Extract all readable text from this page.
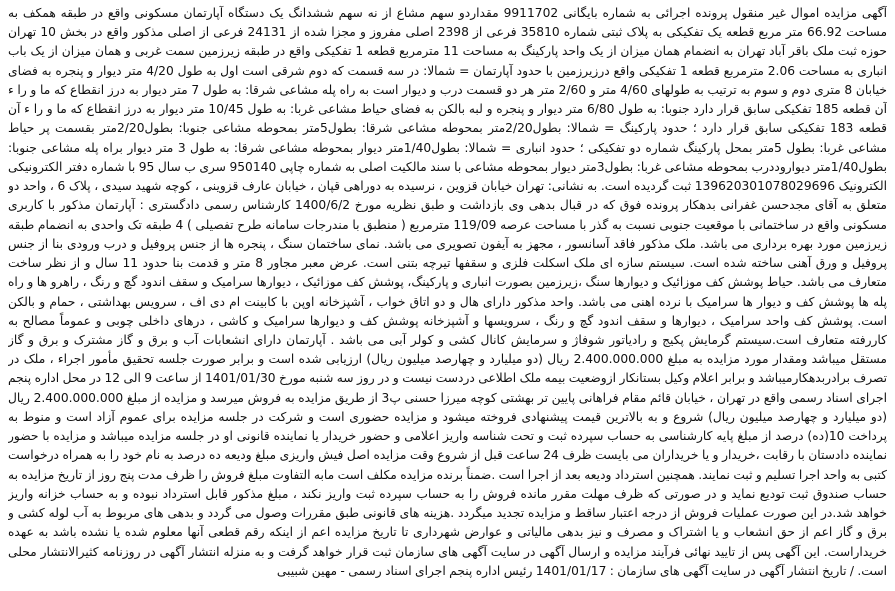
آگهی مزایده اموال غیر منقول پرونده اجرائی به شماره بایگانی 9911702 مقداردو سهم مشاع از نه سهم ششدانگ یک دستگاه آپارتمان مسکونی واقع در طبقه همکف به مساحت 66.92 متر مربع قطعه یک تفکیکی به پلاک ثبتی شماره 35810 فرعی از 2398 اصلی مفروز و مجزا شده از 24131 فرعی از اصلی مذکور واقع در بخش 10 تهران حوزه ثبت ملک باقر آباد تهران به انضمام همان میزان از یک واحد پارکینگ به مساحت 11 مترمربع قطعه 1 تفکیکی واقع در طبقه زیرزمین سمت غربی و همان میزان از یک باب انباری به مساحت 2.06 مترمربع قطعه 1 تفکیکی واقع درزیرزمین با حدود آپارتمان = شمالا: در سه قسمت که دوم شرقی است اول به طول 4/20 متر دیوار و پنجره به فضای خیابان 8 متری دوم و سوم به ترتیب به طولهای 4/60 متر و 2/60 متر هر دو قسمت درب و دیوار است به راه پله مشاعی شرقا: به طول 7 متر دیوار به درز انقطاع که ما و را ء آن قطعه 185 تفکیکی سابق قرار دارد جنوبا: به طول 6/80 متر دیوار و پنجره و لبه بالکن به فضای حیاط مشاعی غربا: به طول 10/45 متر دیوار به درز انقطاع که ما و را ء آن قطعه 183 تفکیکی سابق قرار دارد ؛ حدود پارکینگ = شمالا: بطول2/20متر بمحوطه مشاعی شرقا: بطول5متر بمحوطه مشاعی جنوبا: بطول2/20متر بقسمت پر حیاط مشاعی غربا: بطول 5متر بمحل پارکینگ شماره دو تفکیکی ؛ حدود انباری = شمالا: بطول1/40متر دیوار بمحوطه مشاعی شرقا: به طول 3 متر دیوار براه پله مشاعی جنوبا: بطول1/40متر دیواروددرب بمحوطه مشاعی غربا: بطول3متر دیوار بمحوطه مشاعی با سند مالکیت اصلی به شماره چاپی 950140 سری ب سال 95 با شماره دفتر الکترونیکی الکترونیک 139620301078029696 ثبت گردیده است. به نشانی: تهران خیابان قزوین ، نرسیده به دوراهی قپان ، خیابان عارف قزوینی ، کوچه شهید سیدی ، پلاک 6 ، واحد دو متعلق به آقای مجدحسن غفرانی بدهکار پرونده فوق که در قبال بدهی وی بازداشت و طبق نظریه مورخ 1400/6/2 کارشناس رسمی دادگستری : آپارتمان مذکور با کاربری مسکونی واقع در ساختمانی با موقعیت جنوبی نسبت به گذر با مساحت عرصه 119/09 مترمربع ( منطبق با مندرجات سامانه طرح تفصیلی ) 4 طبقه تک واحدی به انضمام طبقه زیرزمین مورد بهره برداری می باشد. ملک مذکور فاقد آسانسور ، مجهز به آیفون تصویری می باشد. نمای ساختمان سنگ ، پنجره ها از جنس پروفیل و درب ورودی بنا از جنس پروفیل و ورق آهنی ساخته شده است. سیستم سازه ای ملک اسکلت فلزی و سقفها تیرچه بتنی است. عرض معبر مجاور 8 متر و قدمت بنا حدود 11 سال و از نظر ساخت متعارف می باشد. حیاط پوشش کف موزائیک و دیوارها سنگ ،زیرزمین بصورت انباری و پارکینگ، پوشش کف موزائیک ، دیوارها سرامیک و سقف اندود گچ و رنگ ، راهرو ها و راه پله ها پوشش کف و دیوار ها سرامیک با نرده اهنی می باشد. واحد مذکور دارای هال و دو اتاق خواب ، آشپزخانه اوپن با کابینت ام دی اف ، سرویس بهداشتی ، حمام و بالکن است. پوشش کف واحد سرامیک ، دیوارها و سقف اندود گچ و رنگ ، سرویسها و آشپزخانه پوشش کف و دیوارها سرامیک و کاشی ، درهای داخلی چوبی و عموماً مصالح به کاررفته متعارف است.سیستم گرمایش پکیج و رادیاتور شوفاژ و سرمایش کانال کشی و کولر آبی می باشد . آپارتمان دارای انشعابات آب و برق و گاز مشترک و برق و گاز مستقل میباشد ومقدار مورد مزایده به مبلغ 2.400.000.000 ریال (دو میلیارد و چهارصد میلیون ریال) ارزیابی شده است و برابر صورت جلسه تحقیق مأمور اجراء ، ملک در تصرف برادربدهکارمیباشد و برابر اعلام وکیل بستانکار ازوضعیت بیمه ملک اطلاعی دردست نیست و در روز سه شنبه مورخ 1401/01/30 از ساعت 9 الی 12 در محل اداره پنجم اجرای اسناد رسمی واقع در تهران ، خیابان قائم مقام فراهانی پایین تر بهشتی کوچه میرزا حسنی پ3 از طریق مزایده به فروش میرسد و مزایده از مبلغ 2.400.000.000 ریال (دو میلیارد و چهارصد میلیون ریال) شروع و به بالاترین قیمت پیشنهادی فروخته میشود و مزایده حضوری است و شرکت در جلسه مزایده برای عموم آزاد است و منوط به پرداخت 10(ده) درصد از مبلغ پایه کارشناسی به حساب سپرده ثبت و تحت شناسه واریز اعلامی و حضور خریدار یا نماینده قانونی او در جلسه مزایده میباشد و مزایده با حضور نماینده دادستان با رقابت ،خریدار و یا خریداران می بایست ظرف 24 ساعت قبل از شروع وقت مزایده اصل فیش واریزی مبلغ ودیعه ده درصد به نام خود را به همراه درخواست کتبی به واحد اجرا تسلیم و ثبت نمایند. همچنین استرداد ودیعه بعد از اجرا است .ضمناً برنده مزایده مکلف است مابه التفاوت مبلغ فروش را ظرف مدت پنج روز از تاریخ مزایده به حساب صندوق ثبت تودیع نماید و در صورتی که ظرف مهلت مقرر مانده فروش را به حساب سپرده ثبت واریز نکند ، مبلغ مذکور قابل استرداد نبوده و به حساب خزانه واریز خواهد شد.در این صورت عملیات فروش از درجه اعتبار ساقط و مزایده تجدید میگردد .هزینه های قانونی طبق مقررات وصول می گردد و بدهی های مربوط به آب لوله کشی و برق و گاز اعم از حق انشعاب و یا اشتراک و مصرف و نیز بدهی مالیاتی و عوارض شهرداری تا تاریخ مزایده اعم از اینکه رقم قطعی آنها معلوم شده یا نشده باشد به عهده خریداراست. این آگهی پس از تایید نهائی فرآیند مزایده و ارسال آگهی در سایت آگهی های سازمان ثبت قرار خواهد گرفت و به منزله انتشار آگهی در روزنامه کثیرالانتشار محلی است. / تاریخ انتشار آگهی در سایت آگهی های سازمان : 1401/01/17 رئیس اداره پنجم اجرای اسناد رسمی - مهین شبیبی
